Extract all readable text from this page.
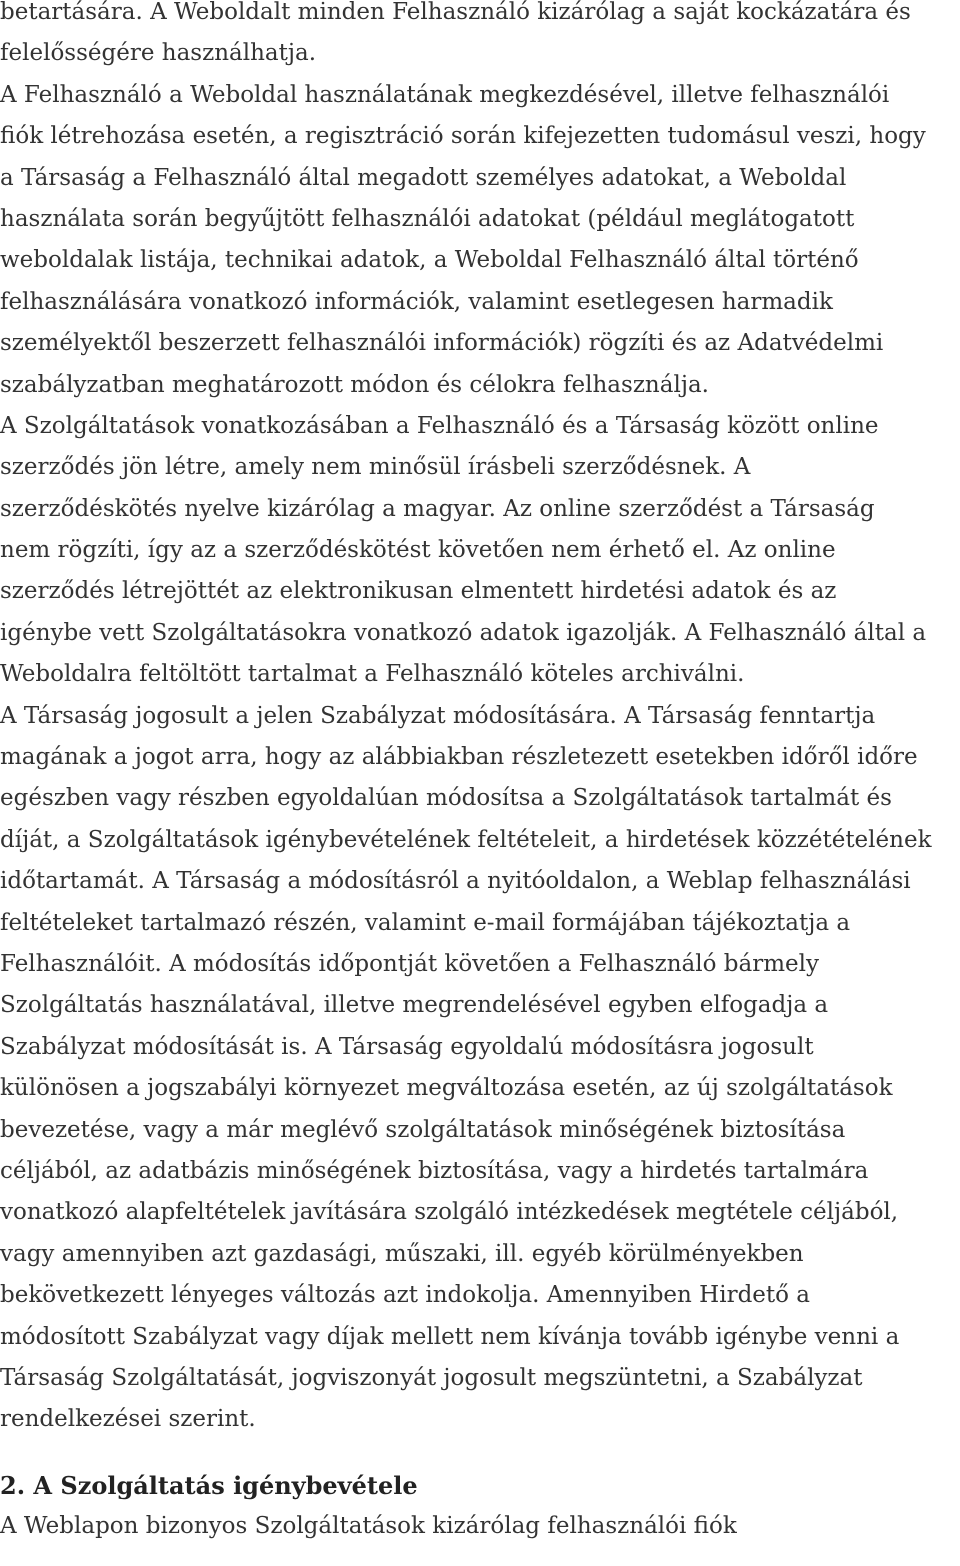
betartására. A Weboldalt minden Felhasználó kizárólag a saját kockázatára és
felelősségére használhatja.

A Felhasználó a Weboldal használatának megkezdésével, illetve felhasználói
fiók létrehozása esetén, a regisztráció során kifejezetten tudomásul veszi, hogy
a Társaság a Felhasználó által megadott személyes adatokat, a Weboldal
használata során begyűjtött felhasználói adatokat (például meglátogatott
weboldalak listája, technikai adatok, a Weboldal Felhasználó által történő
felhasználására vonatkozó információk, valamint esetlegesen harmadik
személyektől beszerzett felhasználói információk) rögzíti és az Adatvédelmi
szabályzatban meghatározott módon és célokra felhasználja.

A Szolgáltatások vonatkozásában a Felhasználó és a Társaság között online
szerződés jön létre, amely nem minősül írásbeli szerződésnek. A
szerződéskötés nyelve kizárólag a magyar. Az online szerződést a Társaság
nem rögzíti, így az a szerződéskötést követően nem érhető el. Az online
szerződés létrejöttét az elektronikusan elmentett hirdetési adatok és az
igénybe vett Szolgáltatásokra vonatkozó adatok igazolják. A Felhasználó által a
Weboldalra feltöltött tartalmat a Felhasználó köteles archiválni.

A Társaság jogosult a jelen Szabályzat módosítására. A Társaság fenntartja
magának a jogot arra, hogy az alábbiakban részletezett esetekben időről időre
egészben vagy részben egyoldalúan módosítsa a Szolgáltatások tartalmát és
díját, a Szolgáltatások igénybevételének feltételeit, a hirdetések közzétételének
időtartamát. A Társaság a módosításról a nyitóoldalon, a Weblap felhasználási
feltételeket tartalmazó részén, valamint e-mail formájában tájékoztatja a
Felhasználóit. A módosítás időpontját követően a Felhasználó bármely
Szolgáltatás használatával, illetve megrendelésével egyben elfogadja a
Szabályzat módosítását is. A Társaság egyoldalú módosításra jogosult
különösen a jogszabályi környezet megváltozása esetén, az új szolgáltatások
bevezetése, vagy a már meglévő szolgáltatások minőségének biztosítása
céljából, az adatbázis minőségének biztosítása, vagy a hirdetés tartalmára
vonatkozó alapfeltételek javítására szolgáló intézkedések megtétele céljából,
vagy amennyiben azt gazdasági, műszaki, ill. egyéb körülményekben
bekövetkezett lényeges változás azt indokolja. Amennyiben Hirdető a
módosított Szabályzat vagy díjak mellett nem kívánja tovább igénybe venni a
Társaság Szolgáltatását, jogviszonyát jogosult megszüntetni, a Szabályzat
rendelkezései szerint.

2. A Szolgáltatás igénybevétele
A Weblapon bizonyos Szolgáltatások kizárólag felhasználói fiók
